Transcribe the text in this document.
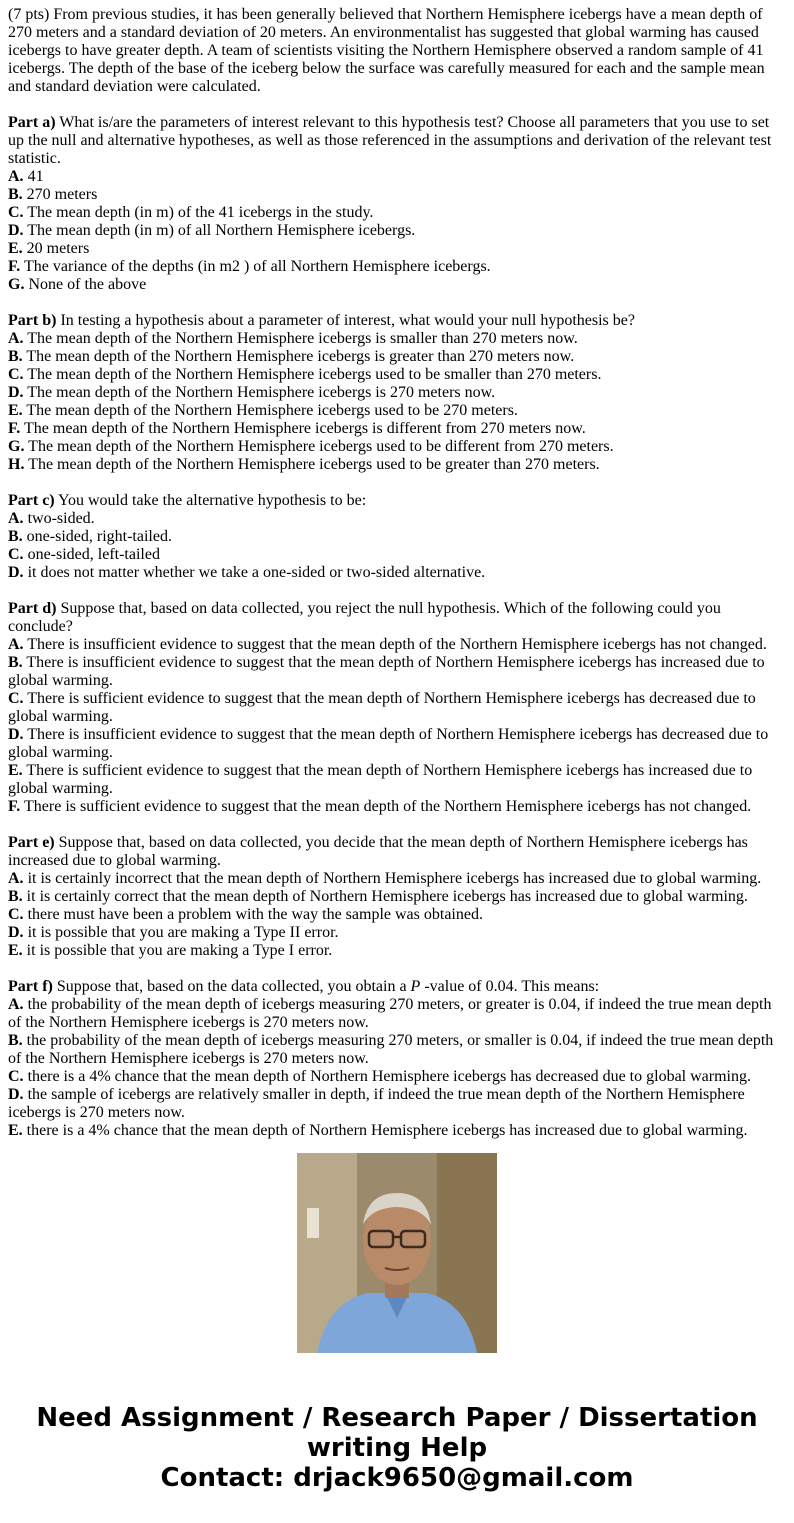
(7 pts) From previous studies, it has been generally believed that Northern Hemisphere icebergs have a mean depth of 270 meters and a standard deviation of 20 meters. An environmentalist has suggested that global warming has caused icebergs to have greater depth. A team of scientists visiting the Northern Hemisphere observed a random sample of 41 icebergs. The depth of the base of the iceberg below the surface was carefully measured for each and the sample mean and standard deviation were calculated.

Part a) What is/are the parameters of interest relevant to this hypothesis test? Choose all parameters that you use to set up the null and alternative hypotheses, as well as those referenced in the assumptions and derivation of the relevant test statistic.
A. 41
B. 270 meters
C. The mean depth (in m) of the 41 icebergs in the study.
D. The mean depth (in m) of all Northern Hemisphere icebergs.
E. 20 meters
F. The variance of the depths (in m2 ) of all Northern Hemisphere icebergs.
G. None of the above
Part b) In testing a hypothesis about a parameter of interest, what would your null hypothesis be?
A. The mean depth of the Northern Hemisphere icebergs is smaller than 270 meters now.
B. The mean depth of the Northern Hemisphere icebergs is greater than 270 meters now.
C. The mean depth of the Northern Hemisphere icebergs used to be smaller than 270 meters.
D. The mean depth of the Northern Hemisphere icebergs is 270 meters now.
E. The mean depth of the Northern Hemisphere icebergs used to be 270 meters.
F. The mean depth of the Northern Hemisphere icebergs is different from 270 meters now.
G. The mean depth of the Northern Hemisphere icebergs used to be different from 270 meters.
H. The mean depth of the Northern Hemisphere icebergs used to be greater than 270 meters.
Part c) You would take the alternative hypothesis to be:
A. two-sided.
B. one-sided, right-tailed.
C. one-sided, left-tailed
D. it does not matter whether we take a one-sided or two-sided alternative.
Part d) Suppose that, based on data collected, you reject the null hypothesis. Which of the following could you conclude?
A. There is insufficient evidence to suggest that the mean depth of the Northern Hemisphere icebergs has not changed.
B. There is insufficient evidence to suggest that the mean depth of Northern Hemisphere icebergs has increased due to global warming.
C. There is sufficient evidence to suggest that the mean depth of Northern Hemisphere icebergs has decreased due to global warming.
D. There is insufficient evidence to suggest that the mean depth of Northern Hemisphere icebergs has decreased due to global warming.
E. There is sufficient evidence to suggest that the mean depth of Northern Hemisphere icebergs has increased due to global warming.
F. There is sufficient evidence to suggest that the mean depth of the Northern Hemisphere icebergs has not changed.
Part e) Suppose that, based on data collected, you decide that the mean depth of Northern Hemisphere icebergs has increased due to global warming.
A. it is certainly incorrect that the mean depth of Northern Hemisphere icebergs has increased due to global warming.
B. it is certainly correct that the mean depth of Northern Hemisphere icebergs has increased due to global warming.
C. there must have been a problem with the way the sample was obtained.
D. it is possible that you are making a Type II error.
E. it is possible that you are making a Type I error.
Part f) Suppose that, based on the data collected, you obtain a P -value of 0.04. This means:
A. the probability of the mean depth of icebergs measuring 270 meters, or greater is 0.04, if indeed the true mean depth of the Northern Hemisphere icebergs is 270 meters now.
B. the probability of the mean depth of icebergs measuring 270 meters, or smaller is 0.04, if indeed the true mean depth of the Northern Hemisphere icebergs is 270 meters now.
C. there is a 4% chance that the mean depth of Northern Hemisphere icebergs has decreased due to global warming.
D. the sample of icebergs are relatively smaller in depth, if indeed the true mean depth of the Northern Hemisphere icebergs is 270 meters now.
E. there is a 4% chance that the mean depth of Northern Hemisphere icebergs has increased due to global warming.
Need Assignment / Research Paper / Dissertation
writing Help
Contact: drjack9650@gmail.com
